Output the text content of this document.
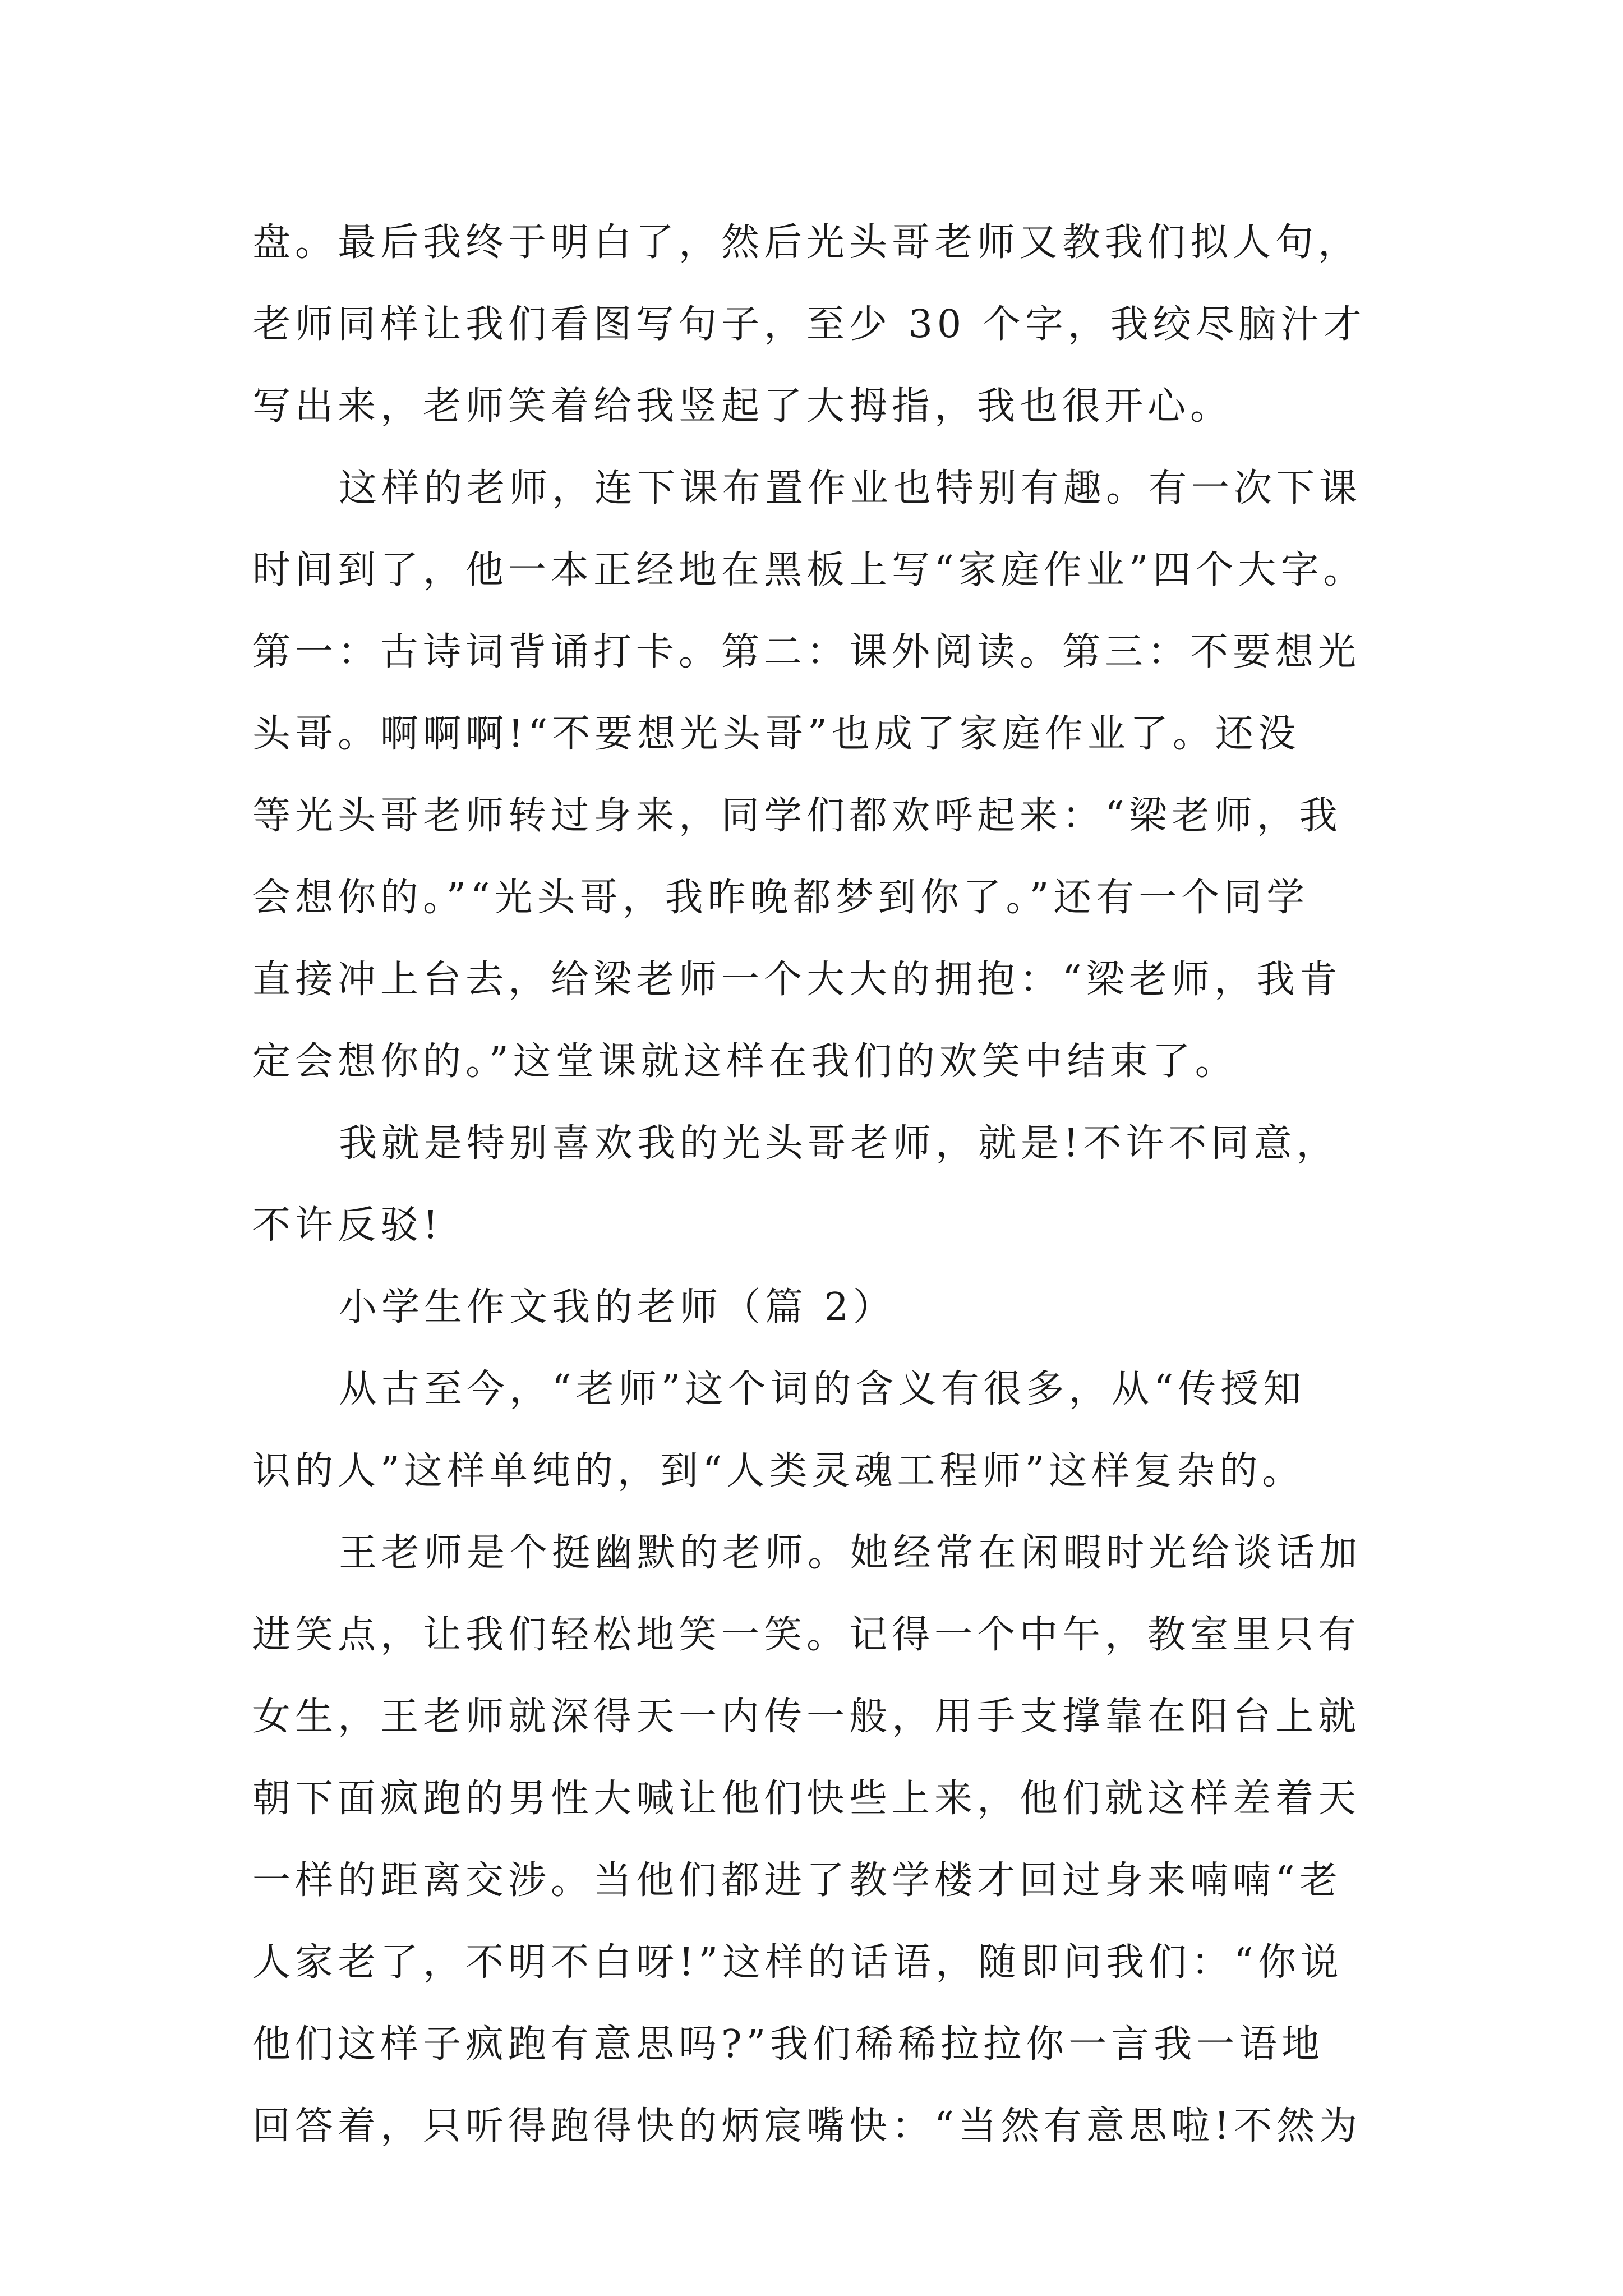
盘。最后我终于明白了，然后光头哥老师又教我们拟人句，
老师同样让我们看图写句子，至少 30 个字，我绞尽脑汁才
写出来，老师笑着给我竖起了大拇指，我也很开心。
这样的老师，连下课布置作业也特别有趣。有一次下课
时间到了，他一本正经地在黑板上写“家庭作业”四个大字。
第一：古诗词背诵打卡。第二：课外阅读。第三：不要想光
头哥。啊啊啊!“不要想光头哥”也成了家庭作业了。还没
等光头哥老师转过身来，同学们都欢呼起来：“梁老师，我
会想你的。”“光头哥，我昨晚都梦到你了。”还有一个同学
直接冲上台去，给梁老师一个大大的拥抱：“梁老师，我肯
定会想你的。”这堂课就这样在我们的欢笑中结束了。
我就是特别喜欢我的光头哥老师，就是!不许不同意，
不许反驳!
小学生作文我的老师（篇 2）
从古至今，“老师”这个词的含义有很多，从“传授知
识的人”这样单纯的，到“人类灵魂工程师”这样复杂的。
王老师是个挺幽默的老师。她经常在闲暇时光给谈话加
进笑点，让我们轻松地笑一笑。记得一个中午，教室里只有
女生，王老师就深得天一内传一般，用手支撑靠在阳台上就
朝下面疯跑的男性大喊让他们快些上来，他们就这样差着天
一样的距离交涉。当他们都进了教学楼才回过身来喃喃“老
人家老了，不明不白呀!”这样的话语，随即问我们：“你说
他们这样子疯跑有意思吗?”我们稀稀拉拉你一言我一语地
回答着，只听得跑得快的炳宸嘴快：“当然有意思啦!不然为
